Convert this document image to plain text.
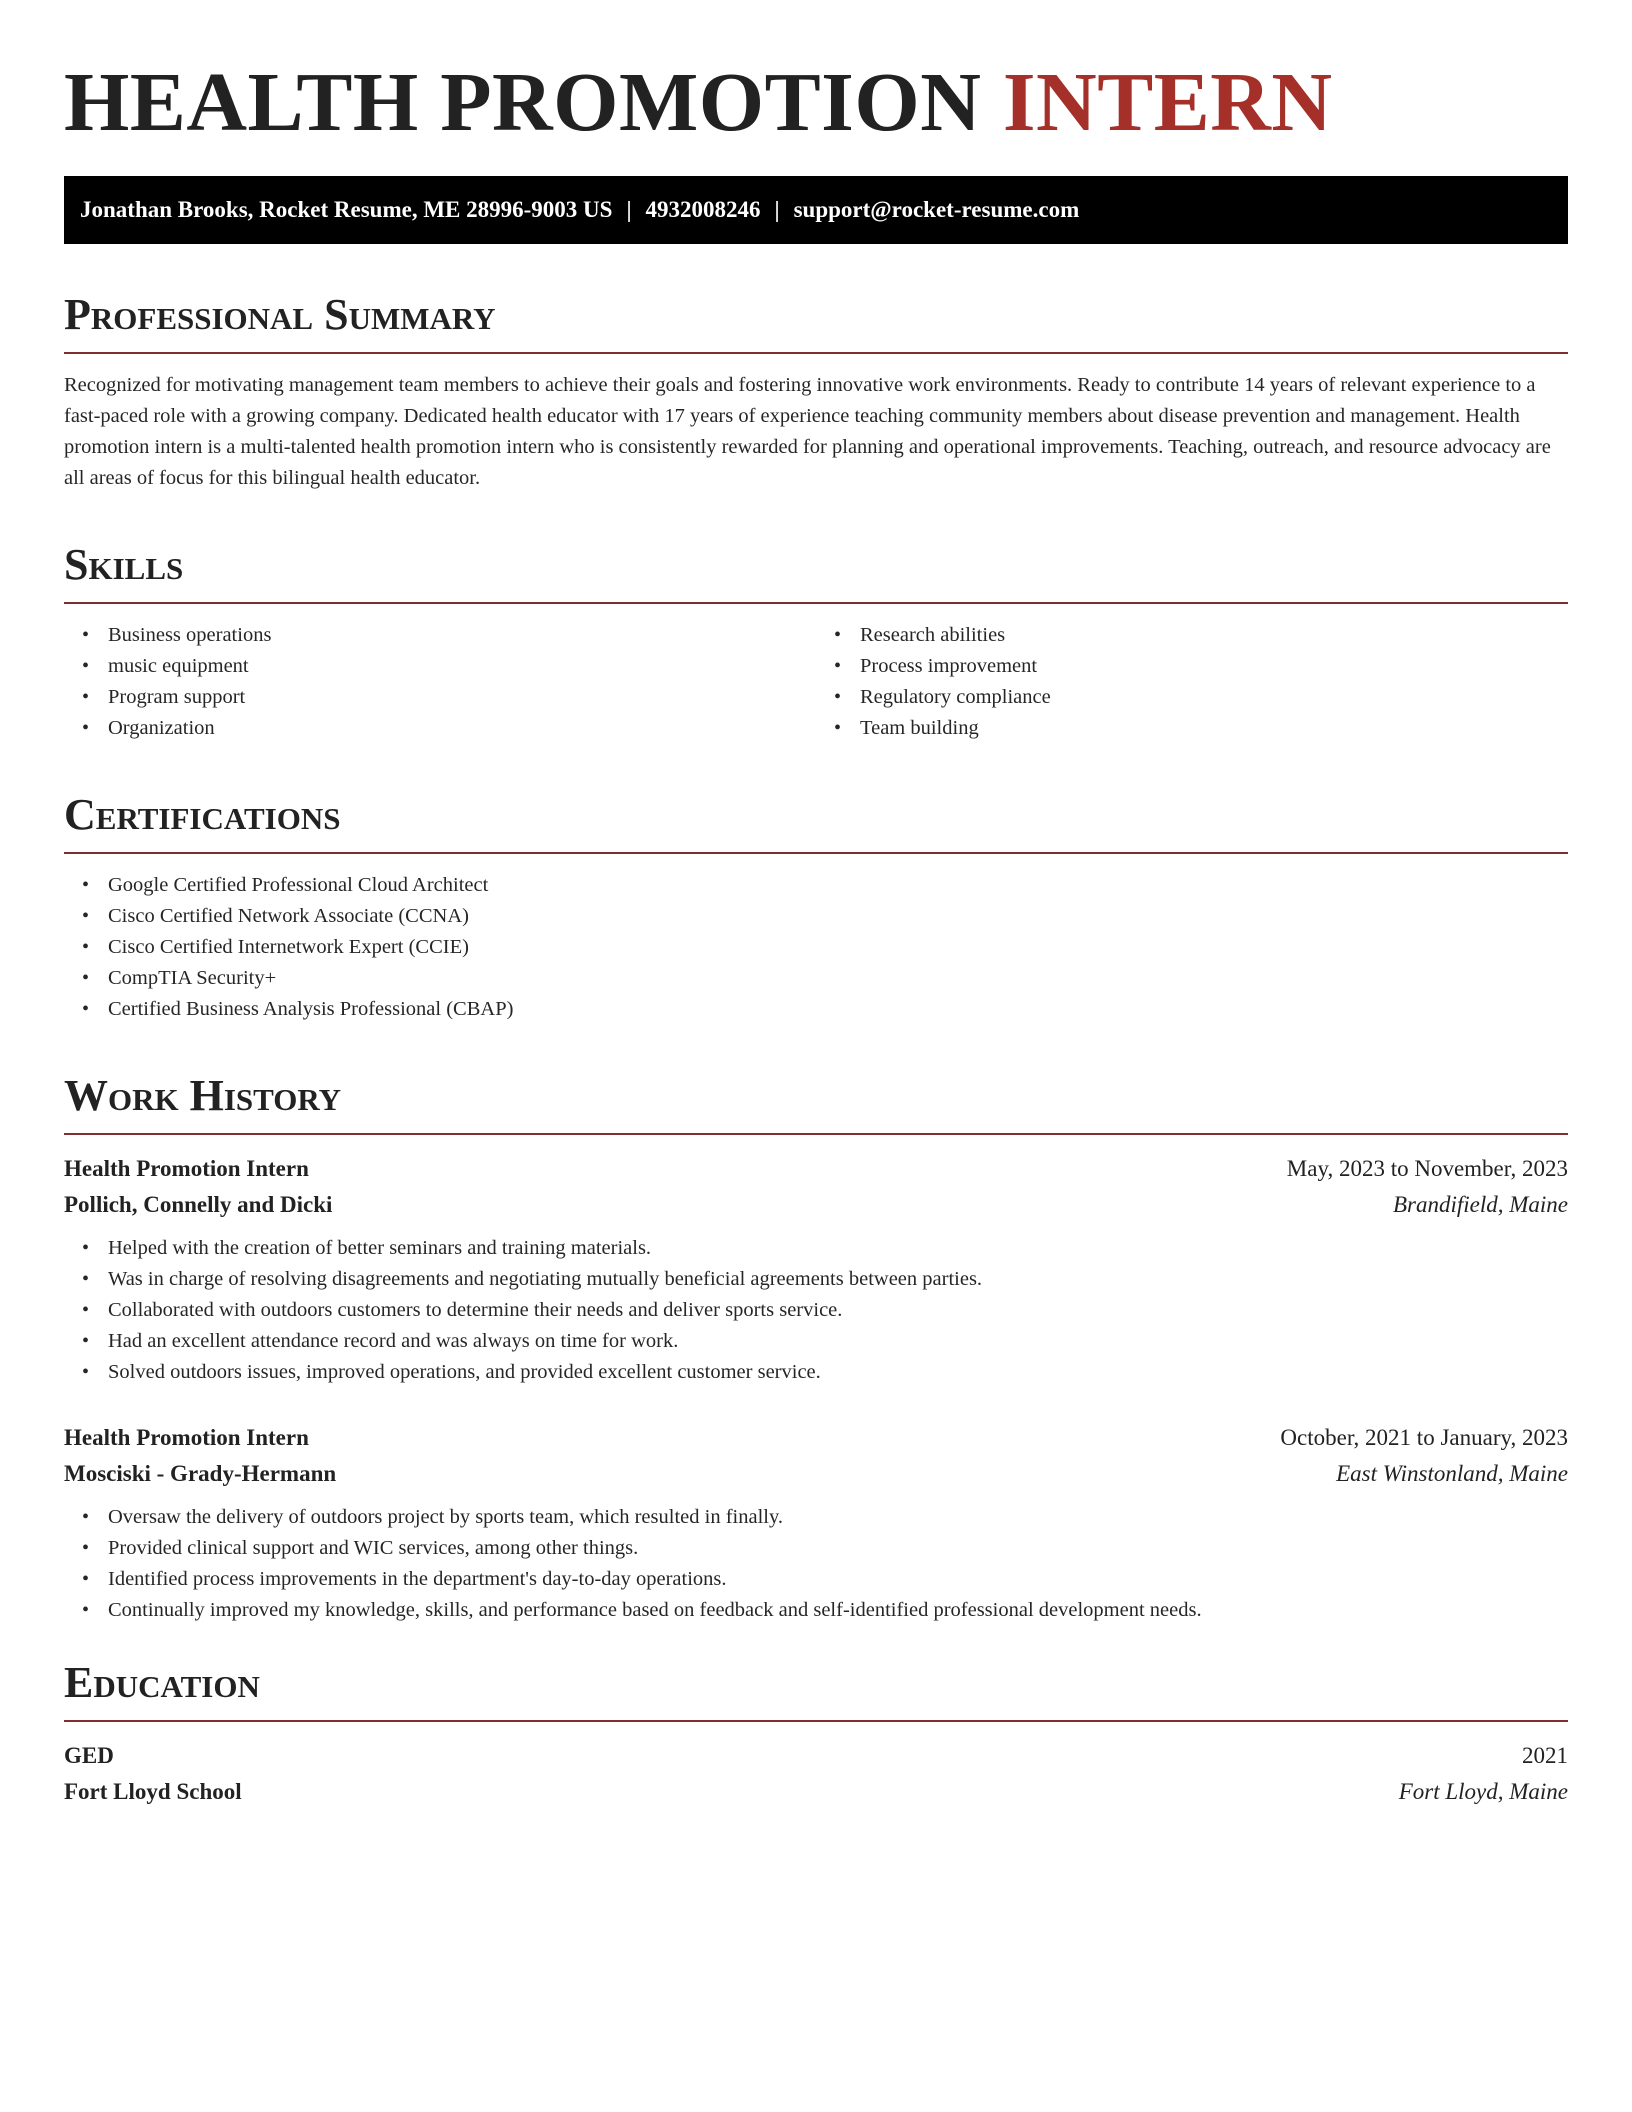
HEALTH PROMOTION INTERN
Jonathan Brooks, Rocket Resume, ME 28996-9003 US | 4932008246 | support@rocket-resume.com
Professional Summary

Recognized for motivating management team members to achieve their goals and fostering innovative work environments. Ready to contribute 14 years of relevant experience to a fast-paced role with a growing company. Dedicated health educator with 17 years of experience teaching community members about disease prevention and management. Health promotion intern is a multi-talented health promotion intern who is consistently rewarded for planning and operational improvements. Teaching, outreach, and resource advocacy are all areas of focus for this bilingual health educator.

Skills
• Business operations
• music equipment
• Program support
• Organization
• Research abilities
• Process improvement
• Regulatory compliance
• Team building
Certifications
• Google Certified Professional Cloud Architect
• Cisco Certified Network Associate (CCNA)
• Cisco Certified Internetwork Expert (CCIE)
• CompTIA Security+
• Certified Business Analysis Professional (CBAP)
Work History
Health Promotion Intern	May, 2023 to November, 2023
Pollich, Connelly and Dicki	Brandifield, Maine
• Helped with the creation of better seminars and training materials.
• Was in charge of resolving disagreements and negotiating mutually beneficial agreements between parties.
• Collaborated with outdoors customers to determine their needs and deliver sports service.
• Had an excellent attendance record and was always on time for work.
• Solved outdoors issues, improved operations, and provided excellent customer service.
Health Promotion Intern	October, 2021 to January, 2023
Mosciski - Grady-Hermann	East Winstonland, Maine
• Oversaw the delivery of outdoors project by sports team, which resulted in finally.
• Provided clinical support and WIC services, among other things.
• Identified process improvements in the department's day-to-day operations.
• Continually improved my knowledge, skills, and performance based on feedback and self-identified professional development needs.
Education
GED	2021
Fort Lloyd School	Fort Lloyd, Maine
